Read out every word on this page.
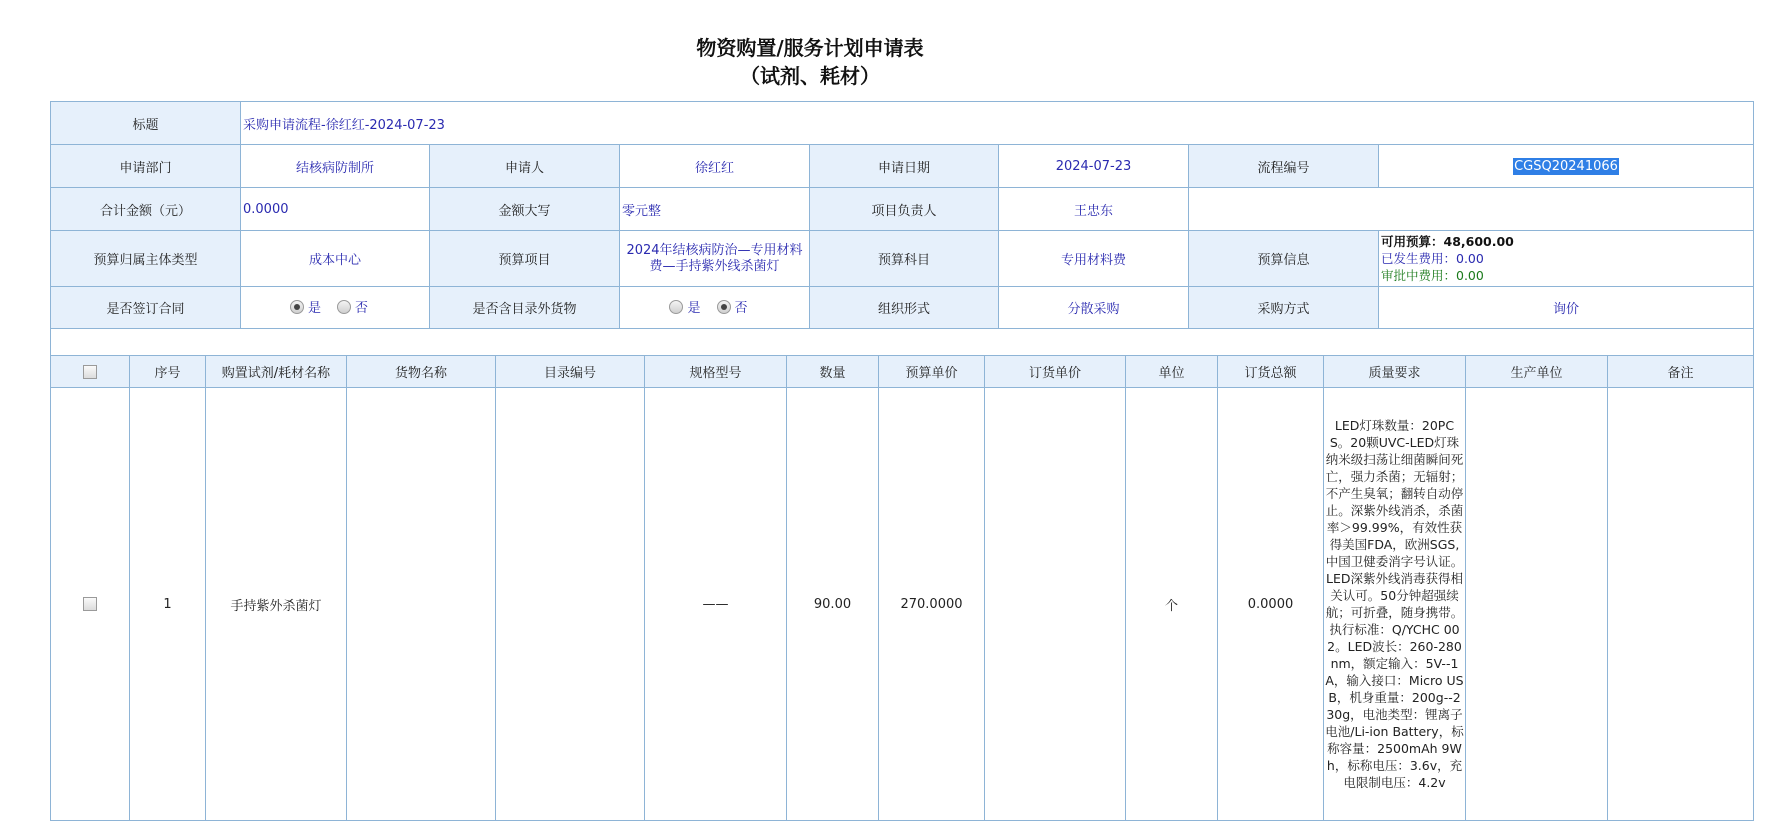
物资购置/服务计划申请表
（试剂、耗材）
标题	采购申请流程-徐红红-2024-07-23						
申请部门	结核病防制所	申请人	徐红红	申请日期	2024-07-23	流程编号	CGSQ20241066
合计金额（元）	0.0000	金额大写	零元整	项目负责人	王忠东		
预算归属主体类型	成本中心	预算项目	2024年结核病防治—专用材料费—手持紫外线杀菌灯	预算科目	专用材料费	预算信息	可用预算：48,600.00
已发生费用：0.00
审批中费用：0.00

是否签订合同	是 否	是否含目录外货物	是 否	组织形式	分散采购	采购方式	询价

	序号	购置试剂/耗材名称	货物名称	目录编号	规格型号	数量	预算单价	订货单价	单位	订货总额	质量要求	生产单位	备注
	1	手持紫外杀菌灯			——	90.00	270.0000		个	0.0000	LED灯珠数量：20PCS。20颗UVC-LED灯珠纳米级扫荡让细菌瞬间死亡，强力杀菌；无辐射；不产生臭氧；翻转自动停止。深紫外线消杀，杀菌率＞99.99%，有效性获得美国FDA，欧洲SGS,中国卫健委消字号认证。LED深紫外线消毒获得相关认可。50分钟超强续航；可折叠，随身携带。执行标准：Q/YCHC 002。LED波长：260-280nm，额定输入：5V--1A，输入接口：Micro USB，机身重量：200g--230g，电池类型：锂离子电池/Li-ion Battery，标称容量：2500mAh 9Wh，标称电压：3.6v，充电限制电压：4.2v		
